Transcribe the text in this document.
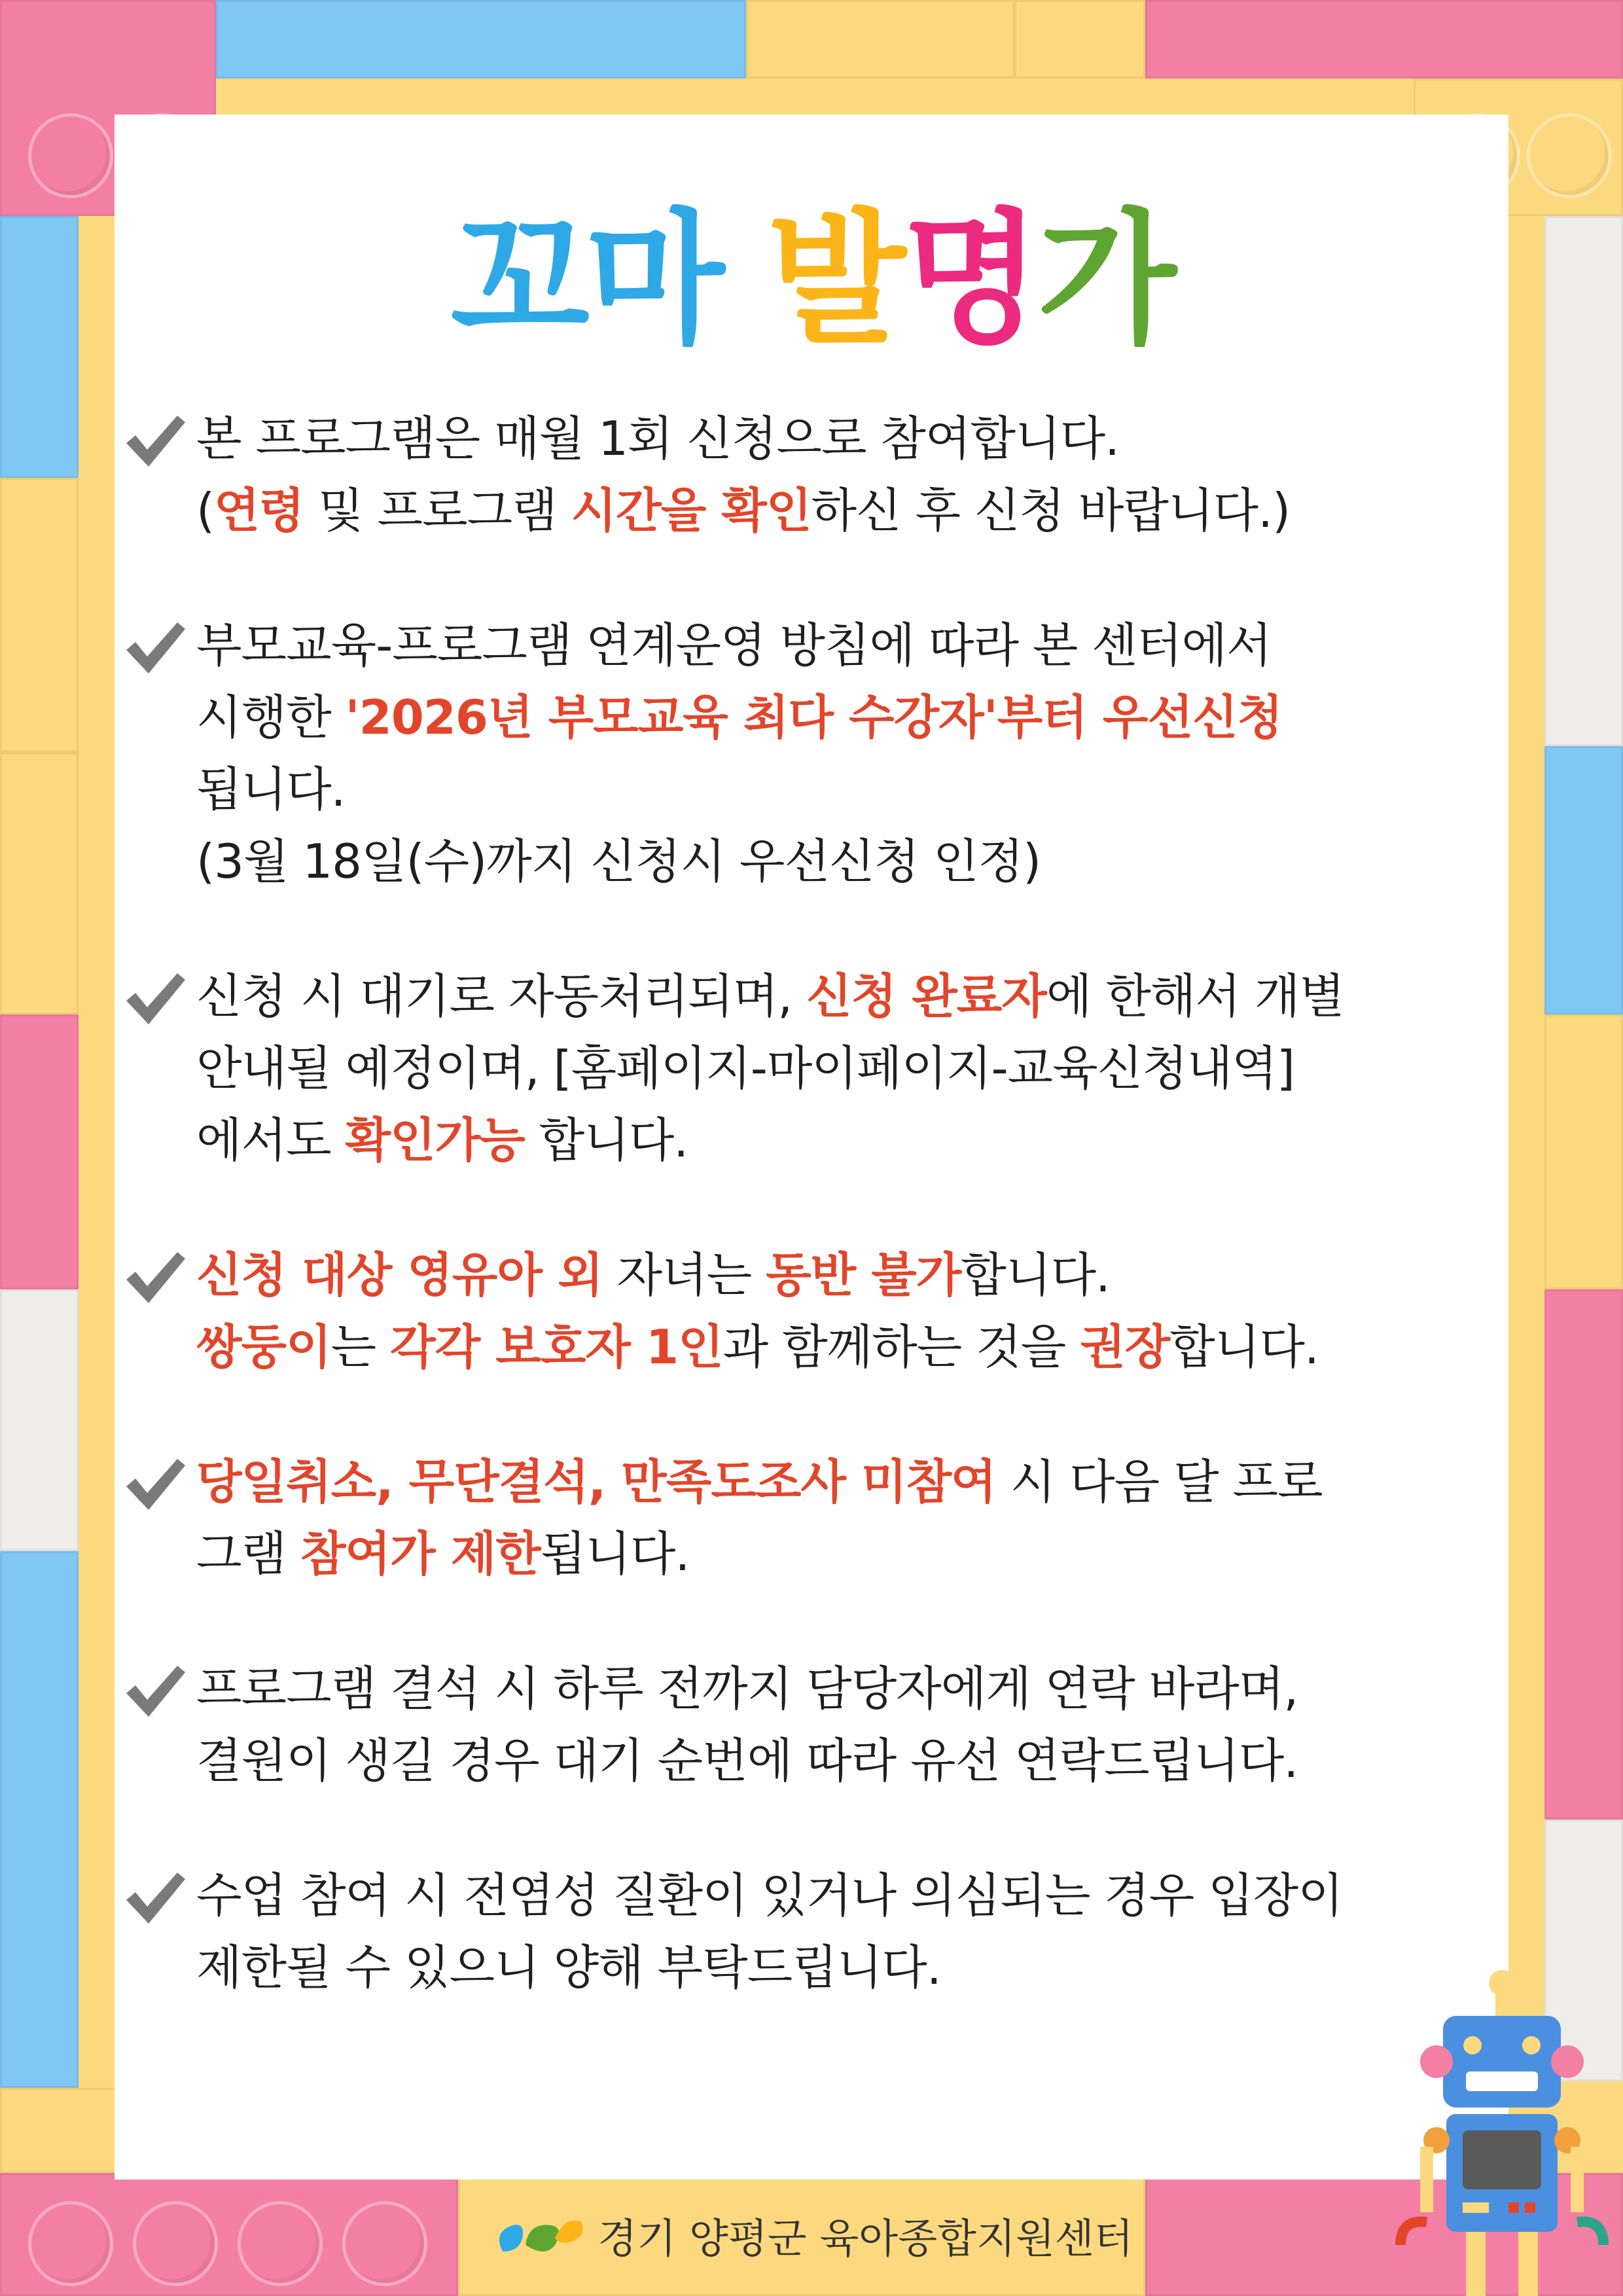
꼬마 발명가
본 프로그램은 매월 1회 신청으로 참여합니다.
(연령 및 프로그램 시간을 확인하신 후 신청 바랍니다.)
부모교육-프로그램 연계운영 방침에 따라 본 센터에서
시행한 '2026년 부모교육 최다 수강자'부터 우선신청
됩니다.
(3월 18일(수)까지 신청시 우선신청 인정)
신청 시 대기로 자동처리되며, 신청 완료자에 한해서 개별
안내될 예정이며, [홈페이지-마이페이지-교육신청내역]
에서도 확인가능 합니다.
신청 대상 영유아 외 자녀는 동반 불가합니다.
쌍둥이는 각각 보호자 1인과 함께하는 것을 권장합니다.
당일취소, 무단결석, 만족도조사 미참여 시 다음 달 프로
그램 참여가 제한됩니다.
프로그램 결석 시 하루 전까지 담당자에게 연락 바라며,
결원이 생길 경우 대기 순번에 따라 유선 연락드립니다.
수업 참여 시 전염성 질환이 있거나 의심되는 경우 입장이
제한될 수 있으니 양해 부탁드립니다.
경기 양평군 육아종합지원센터
